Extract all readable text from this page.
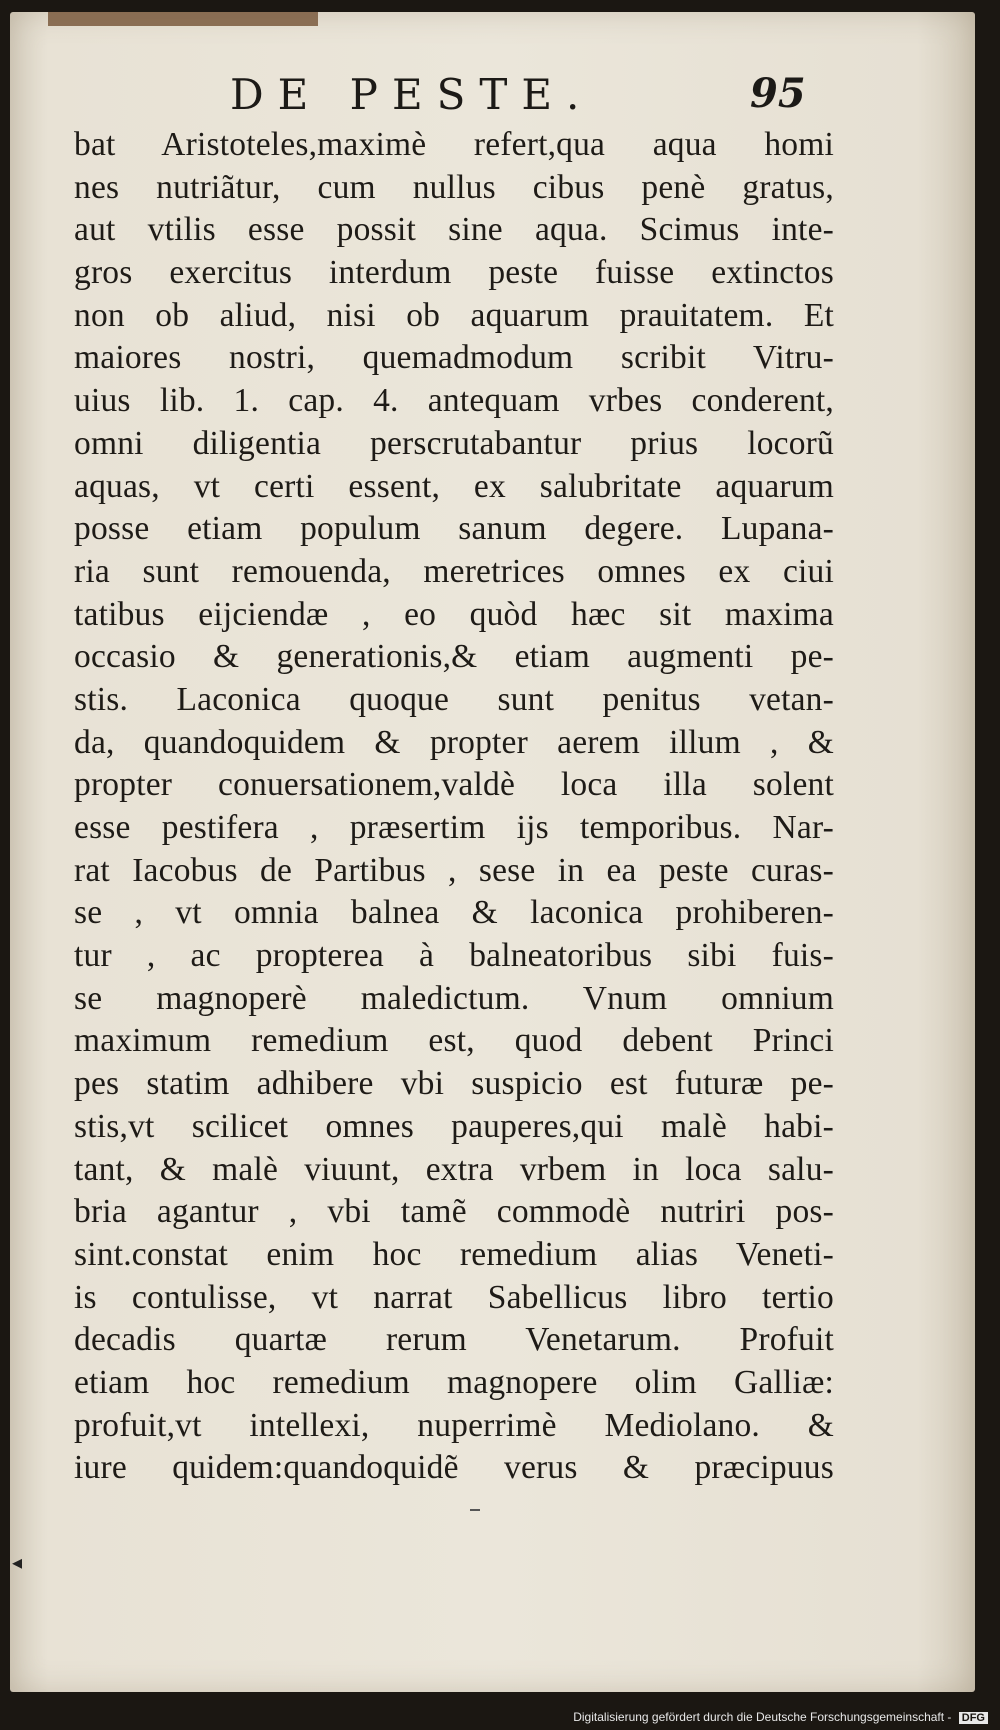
DE PESTE.	95
bat Aristoteles,maximè refert,qua aqua homi
nes nutriãtur, cum nullus cibus penè gratus,
aut vtilis esse possit sine aqua. Scimus inte-
gros exercitus interdum peste fuisse extinctos
non ob aliud, nisi ob aquarum prauitatem. Et
maiores nostri, quemadmodum scribit Vitru-
uius lib. 1. cap. 4. antequam vrbes conderent,
omni diligentia perscrutabantur prius locorũ
aquas, vt certi essent, ex salubritate aquarum
posse etiam populum sanum degere. Lupana-
ria sunt remouenda, meretrices omnes ex ciui
tatibus eijciendæ , eo quòd hæc sit maxima
occasio & generationis,& etiam augmenti pe-
stis. Laconica quoque sunt penitus vetan-
da, quandoquidem & propter aerem illum , &
propter conuersationem,valdè loca illa solent
esse pestifera , præsertim ijs temporibus. Nar-
rat Iacobus de Partibus , sese in ea peste curas-
se , vt omnia balnea & laconica prohiberen-
tur , ac propterea à balneatoribus sibi fuis-
se magnoperè maledictum. Vnum omnium
maximum remedium est, quod debent Princi
pes statim adhibere vbi suspicio est futuræ pe-
stis,vt scilicet omnes pauperes,qui malè habi-
tant, & malè viuunt, extra vrbem in loca salu-
bria agantur , vbi tamẽ commodè nutriri pos-
sint.constat enim hoc remedium alias Veneti-
is contulisse, vt narrat Sabellicus libro tertio
decadis quartæ rerum Venetarum. Profuit
etiam hoc remedium magnopere olim Galliæ:
profuit,vt intellexi, nuperrimè Mediolano. &
iure quidem:quandoquidẽ verus & præcipuus
◂
Digitalisierung gefördert durch die Deutsche Forschungsgemeinschaft - DFG
